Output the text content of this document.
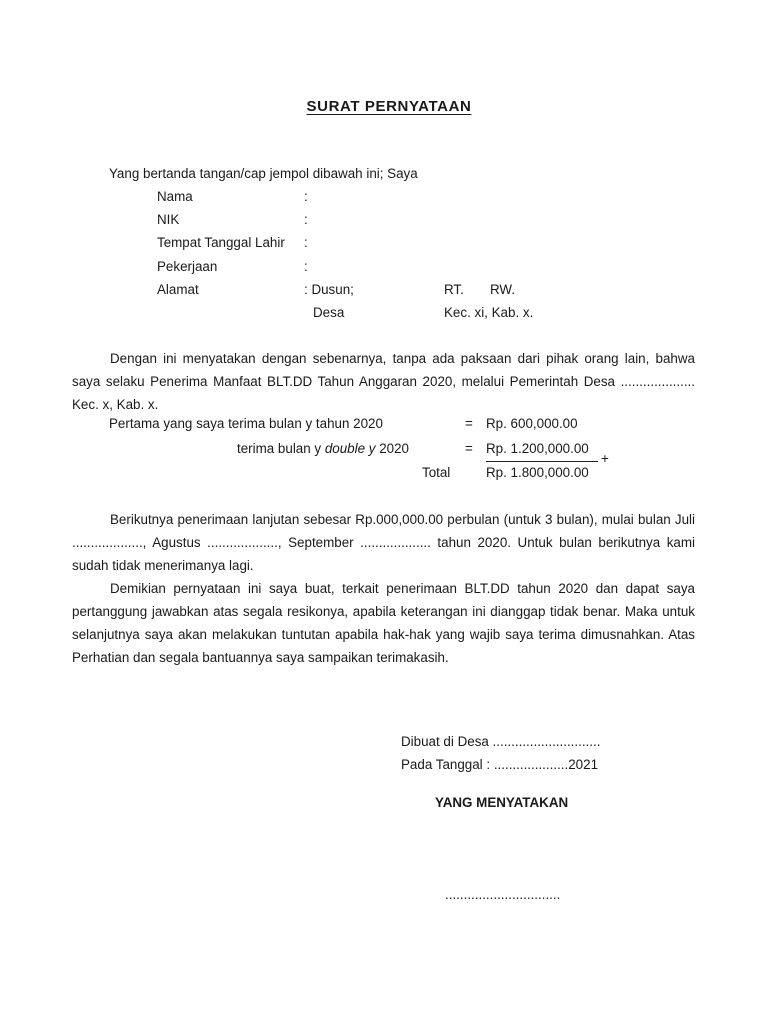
SURAT PERNYATAAN
Yang bertanda tangan/cap jempol dibawah ini; Saya
Nama	:
NIK	:
Tempat Tanggal Lahir :
Pekerjaan	:
Alamat	: Dusun;	RT. RW.
Desa	Kec. xi, Kab. x.
Dengan ini menyatakan dengan sebenarnya, tanpa ada paksaan dari pihak orang lain, bahwa saya selaku Penerima Manfaat BLT.DD Tahun Anggaran 2020, melalui Pemerintah Desa .................... Kec. x, Kab. x.
Pertama yang saya terima bulan y tahun 2020	= Rp. 600,000.00
terima bulan y double y 2020	= Rp. 1.200,000.00
+
Total	Rp. 1.800,000.00
Berikutnya penerimaan lanjutan sebesar Rp.000,000.00 perbulan (untuk 3 bulan), mulai bulan Juli ..................., Agustus ..................., September ................... tahun 2020. Untuk bulan berikutnya kami sudah tidak menerimanya lagi.
Demikian pernyataan ini saya buat, terkait penerimaan BLT.DD tahun 2020 dan dapat saya pertanggung jawabkan atas segala resikonya, apabila keterangan ini dianggap tidak benar. Maka untuk selanjutnya saya akan melakukan tuntutan apabila hak-hak yang wajib saya terima dimusnahkan. Atas Perhatian dan segala bantuannya saya sampaikan terimakasih.
Dibuat di Desa .............................
Pada Tanggal : ....................2021
YANG MENYATAKAN
...............................
